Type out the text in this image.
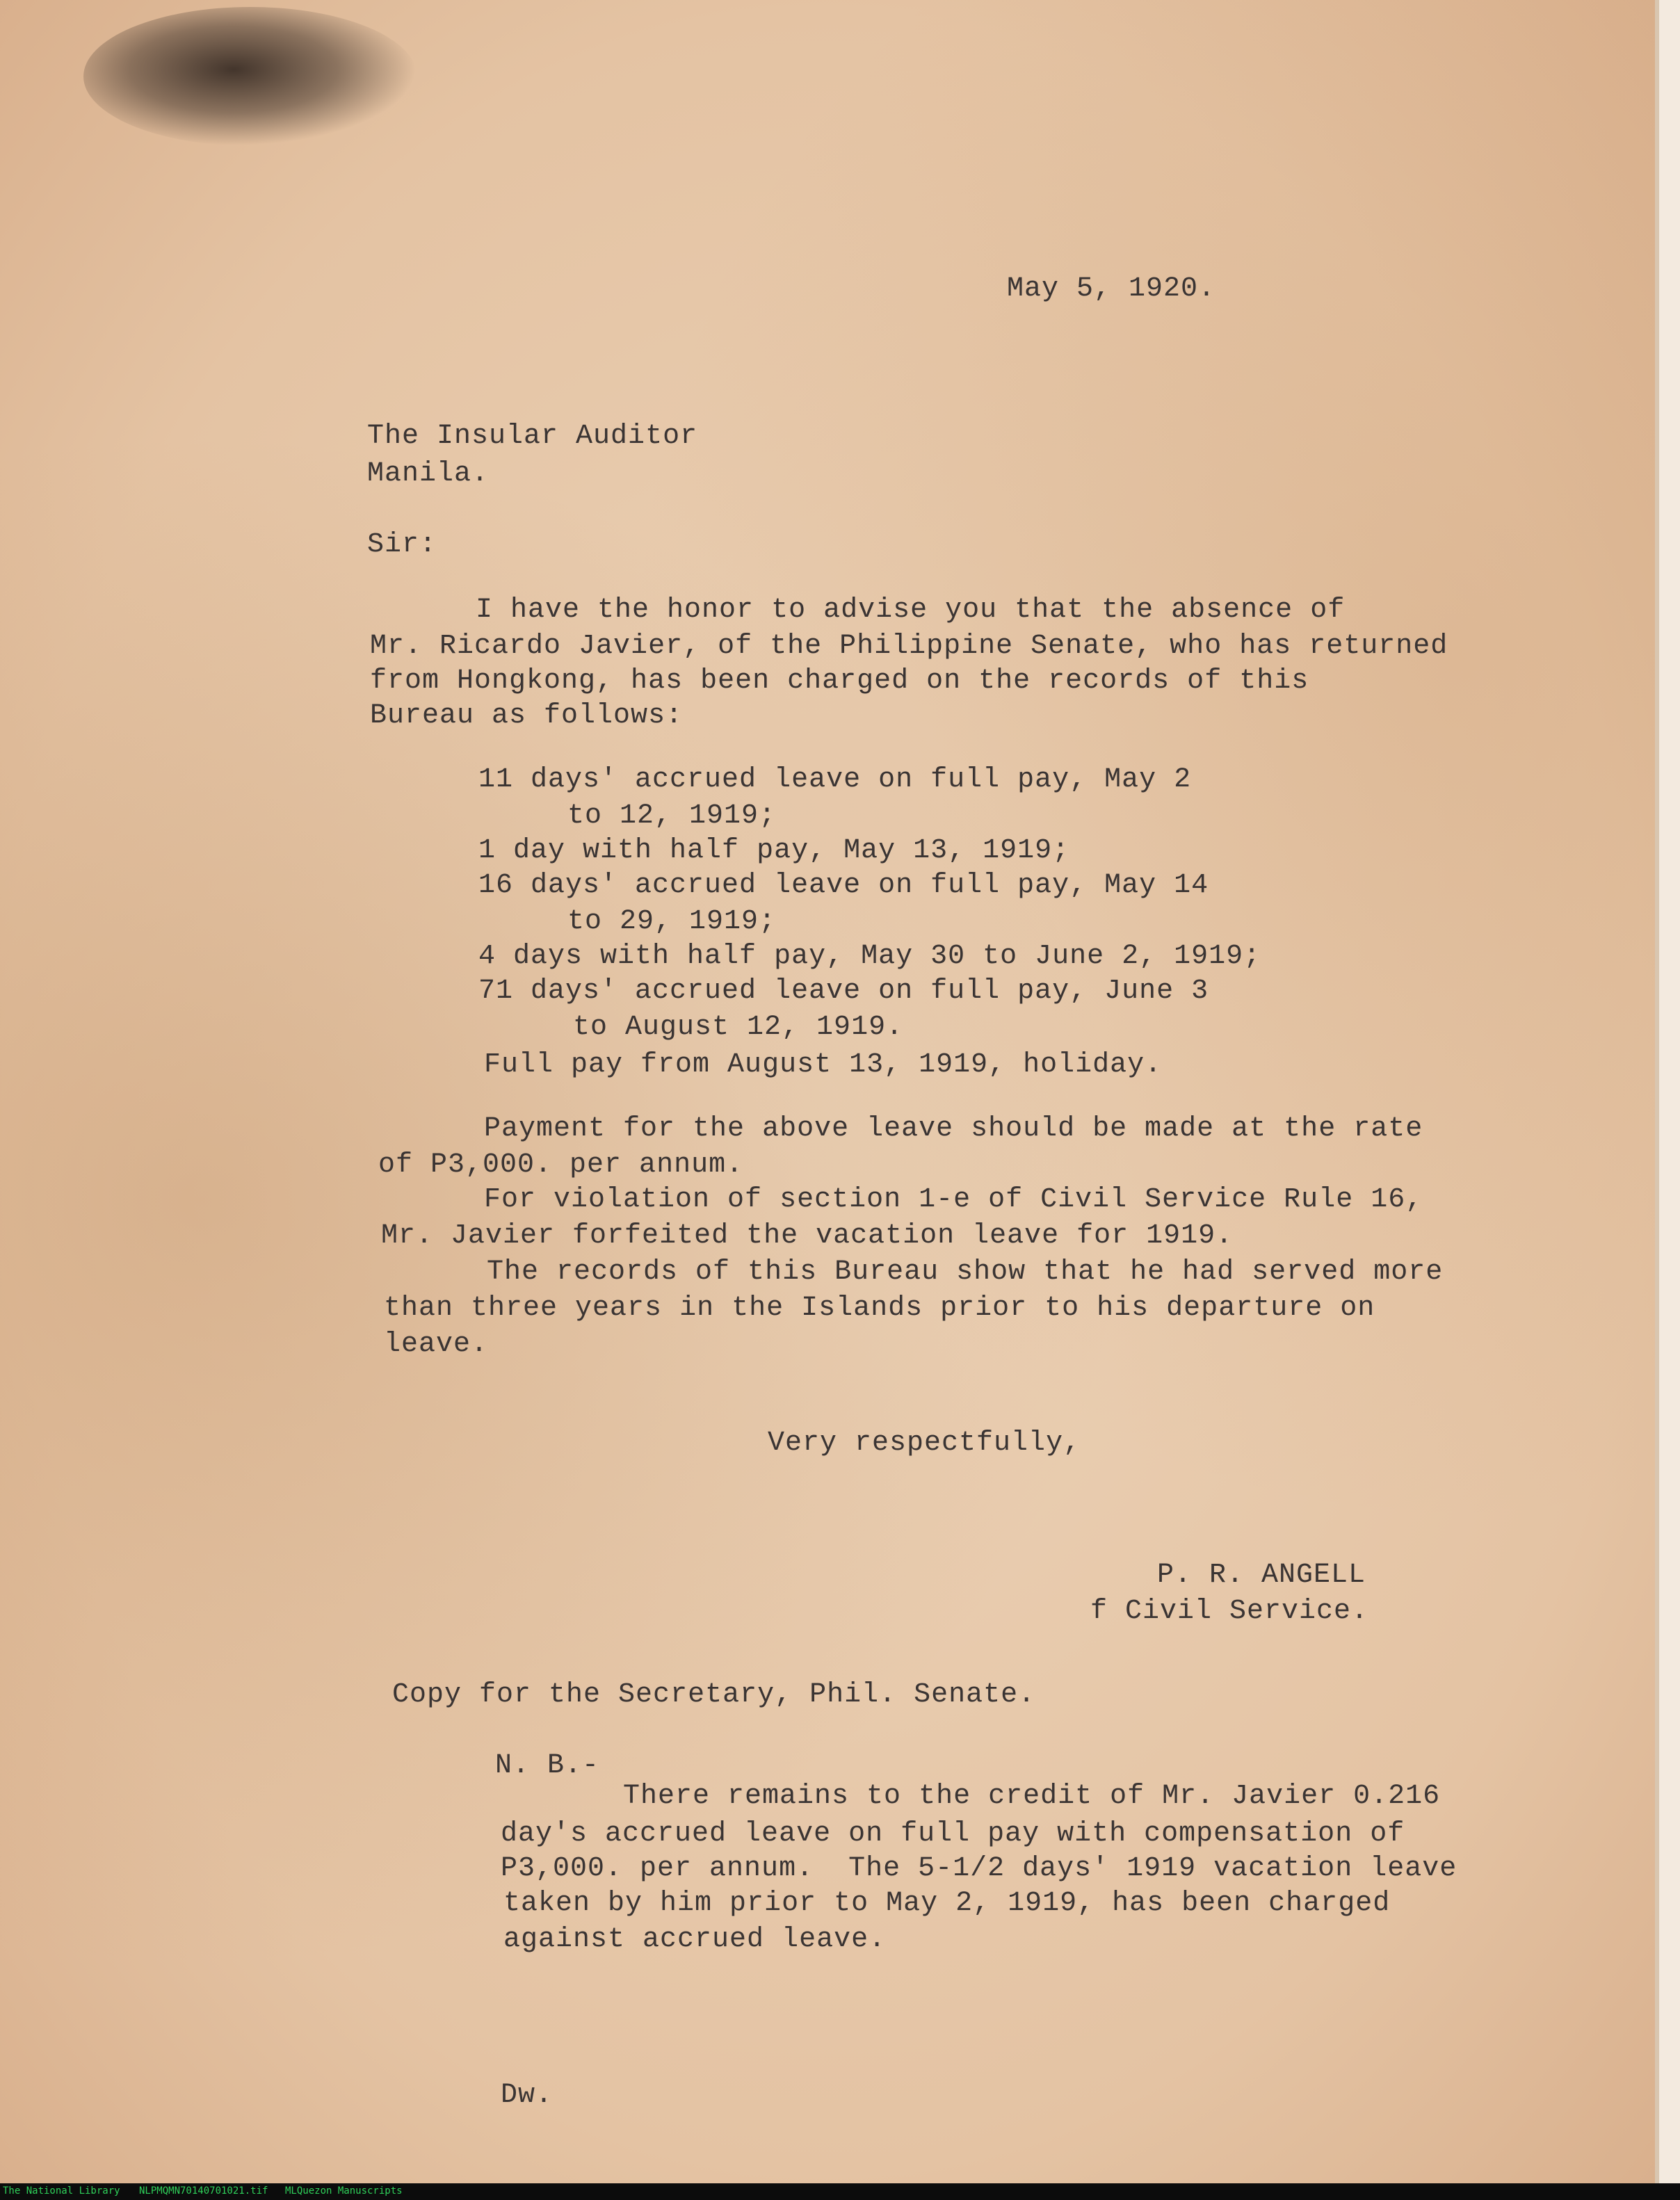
May 5, 1920.
The Insular Auditor
Manila.
Sir:
I have the honor to advise you that the absence of
Mr. Ricardo Javier, of the Philippine Senate, who has returned
from Hongkong, has been charged on the records of this
Bureau as follows:
11 days' accrued leave on full pay, May 2
to 12, 1919;
1 day with half pay, May 13, 1919;
16 days' accrued leave on full pay, May 14
to 29, 1919;
4 days with half pay, May 30 to June 2, 1919;
71 days' accrued leave on full pay, June 3
to August 12, 1919.
Full pay from August 13, 1919, holiday.
Payment for the above leave should be made at the rate
of P3,000. per annum.
For violation of section 1-e of Civil Service Rule 16,
Mr. Javier forfeited the vacation leave for 1919.
The records of this Bureau show that he had served more
than three years in the Islands prior to his departure on
leave.
Very respectfully,
P. R. ANGELL
f Civil Service.
Copy for the Secretary, Phil. Senate.
N. B.-
There remains to the credit of Mr. Javier 0.216
day's accrued leave on full pay with compensation of
P3,000. per annum.  The 5-1/2 days' 1919 vacation leave
taken by him prior to May 2, 1919, has been charged
against accrued leave.
Dw.
The National Library NLPMQMN70140701021.tif MLQuezon Manuscripts
